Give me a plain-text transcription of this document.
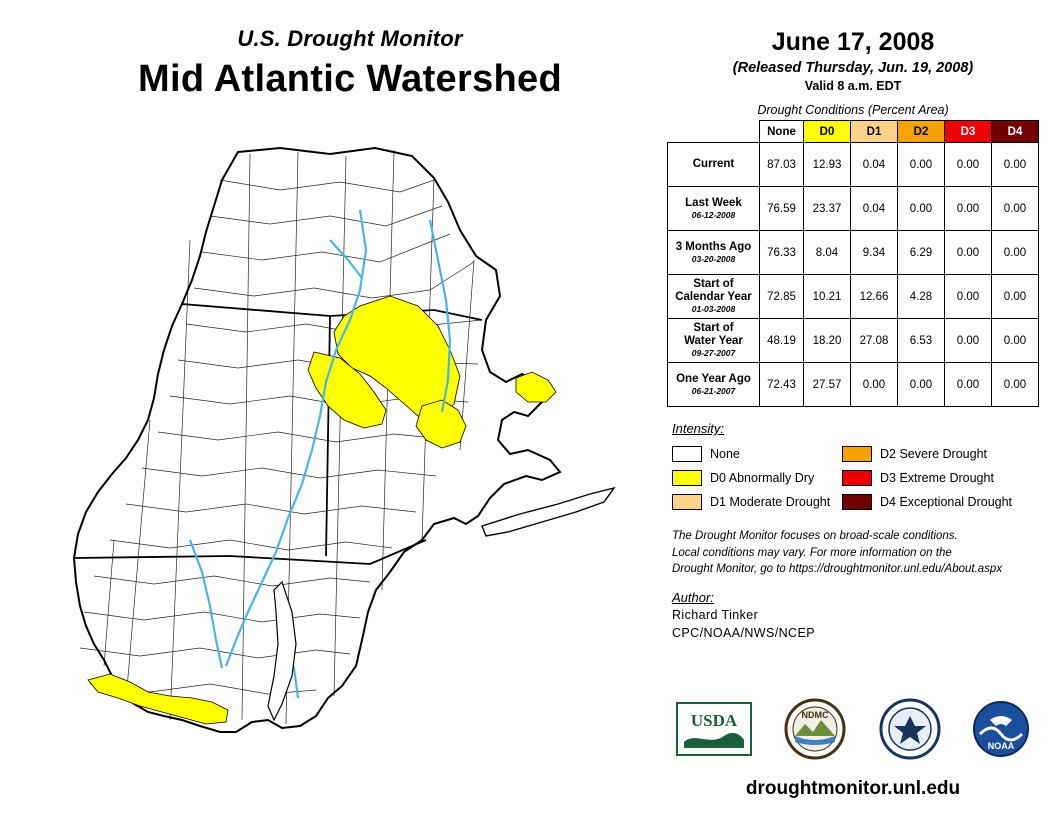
U.S. Drought Monitor
Mid Atlantic Watershed
June 17, 2008
(Released Thursday, Jun. 19, 2008)
Valid 8 a.m. EDT
Drought Conditions (Percent Area)
	None	D0	D1	D2	D3	D4
Current	87.03	12.93	0.04	0.00	0.00	0.00
Last Week
06-12-2008	76.59	23.37	0.04	0.00	0.00	0.00
3 Months Ago
03-20-2008	76.33	8.04	9.34	6.29	0.00	0.00
Start of
Calendar Year
01-03-2008	72.85	10.21	12.66	4.28	0.00	0.00
Start of
Water Year
09-27-2007	48.19	18.20	27.08	6.53	0.00	0.00
One Year Ago
06-21-2007	72.43	27.57	0.00	0.00	0.00	0.00
Intensity:
None	D2 Severe Drought
D0 Abnormally Dry	D3 Extreme Drought
D1 Moderate Drought	D4 Exceptional Drought
The Drought Monitor focuses on broad-scale conditions.
Local conditions may vary. For more information on the
Drought Monitor, go to https://droughtmonitor.unl.edu/About.aspx
Author:
Richard Tinker
CPC/NOAA/NWS/NCEP
USDA	NDMC
NOAA
droughtmonitor.unl.edu
